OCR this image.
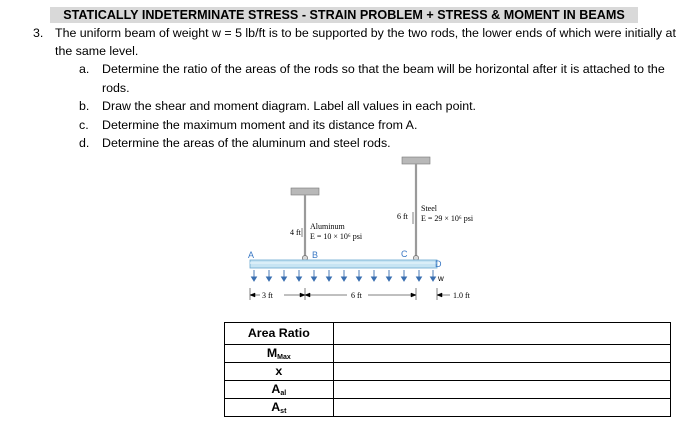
STATICALLY INDETERMINATE STRESS - STRAIN PROBLEM + STRESS & MOMENT IN BEAMS
3. The uniform beam of weight w = 5 lb/ft is to be supported by the two rods, the lower ends of which were initially at the same level.
a. Determine the ratio of the areas of the rods so that the beam will be horizontal after it is attached to the rods.
b. Draw the shear and moment diagram. Label all values in each point.
c. Determine the maximum moment and its distance from A.
d. Determine the areas of the aluminum and steel rods.
4 ft
Aluminum
E = 10 × 10⁶ psi
6 ft
Steel
E = 29 × 10⁶ psi
A	B	C
D
w
3 ft	6 ft	1.0 ft
Area Ratio	
$M_{Max}$	
x	
$A_{al}$	
$A_{st}$	
